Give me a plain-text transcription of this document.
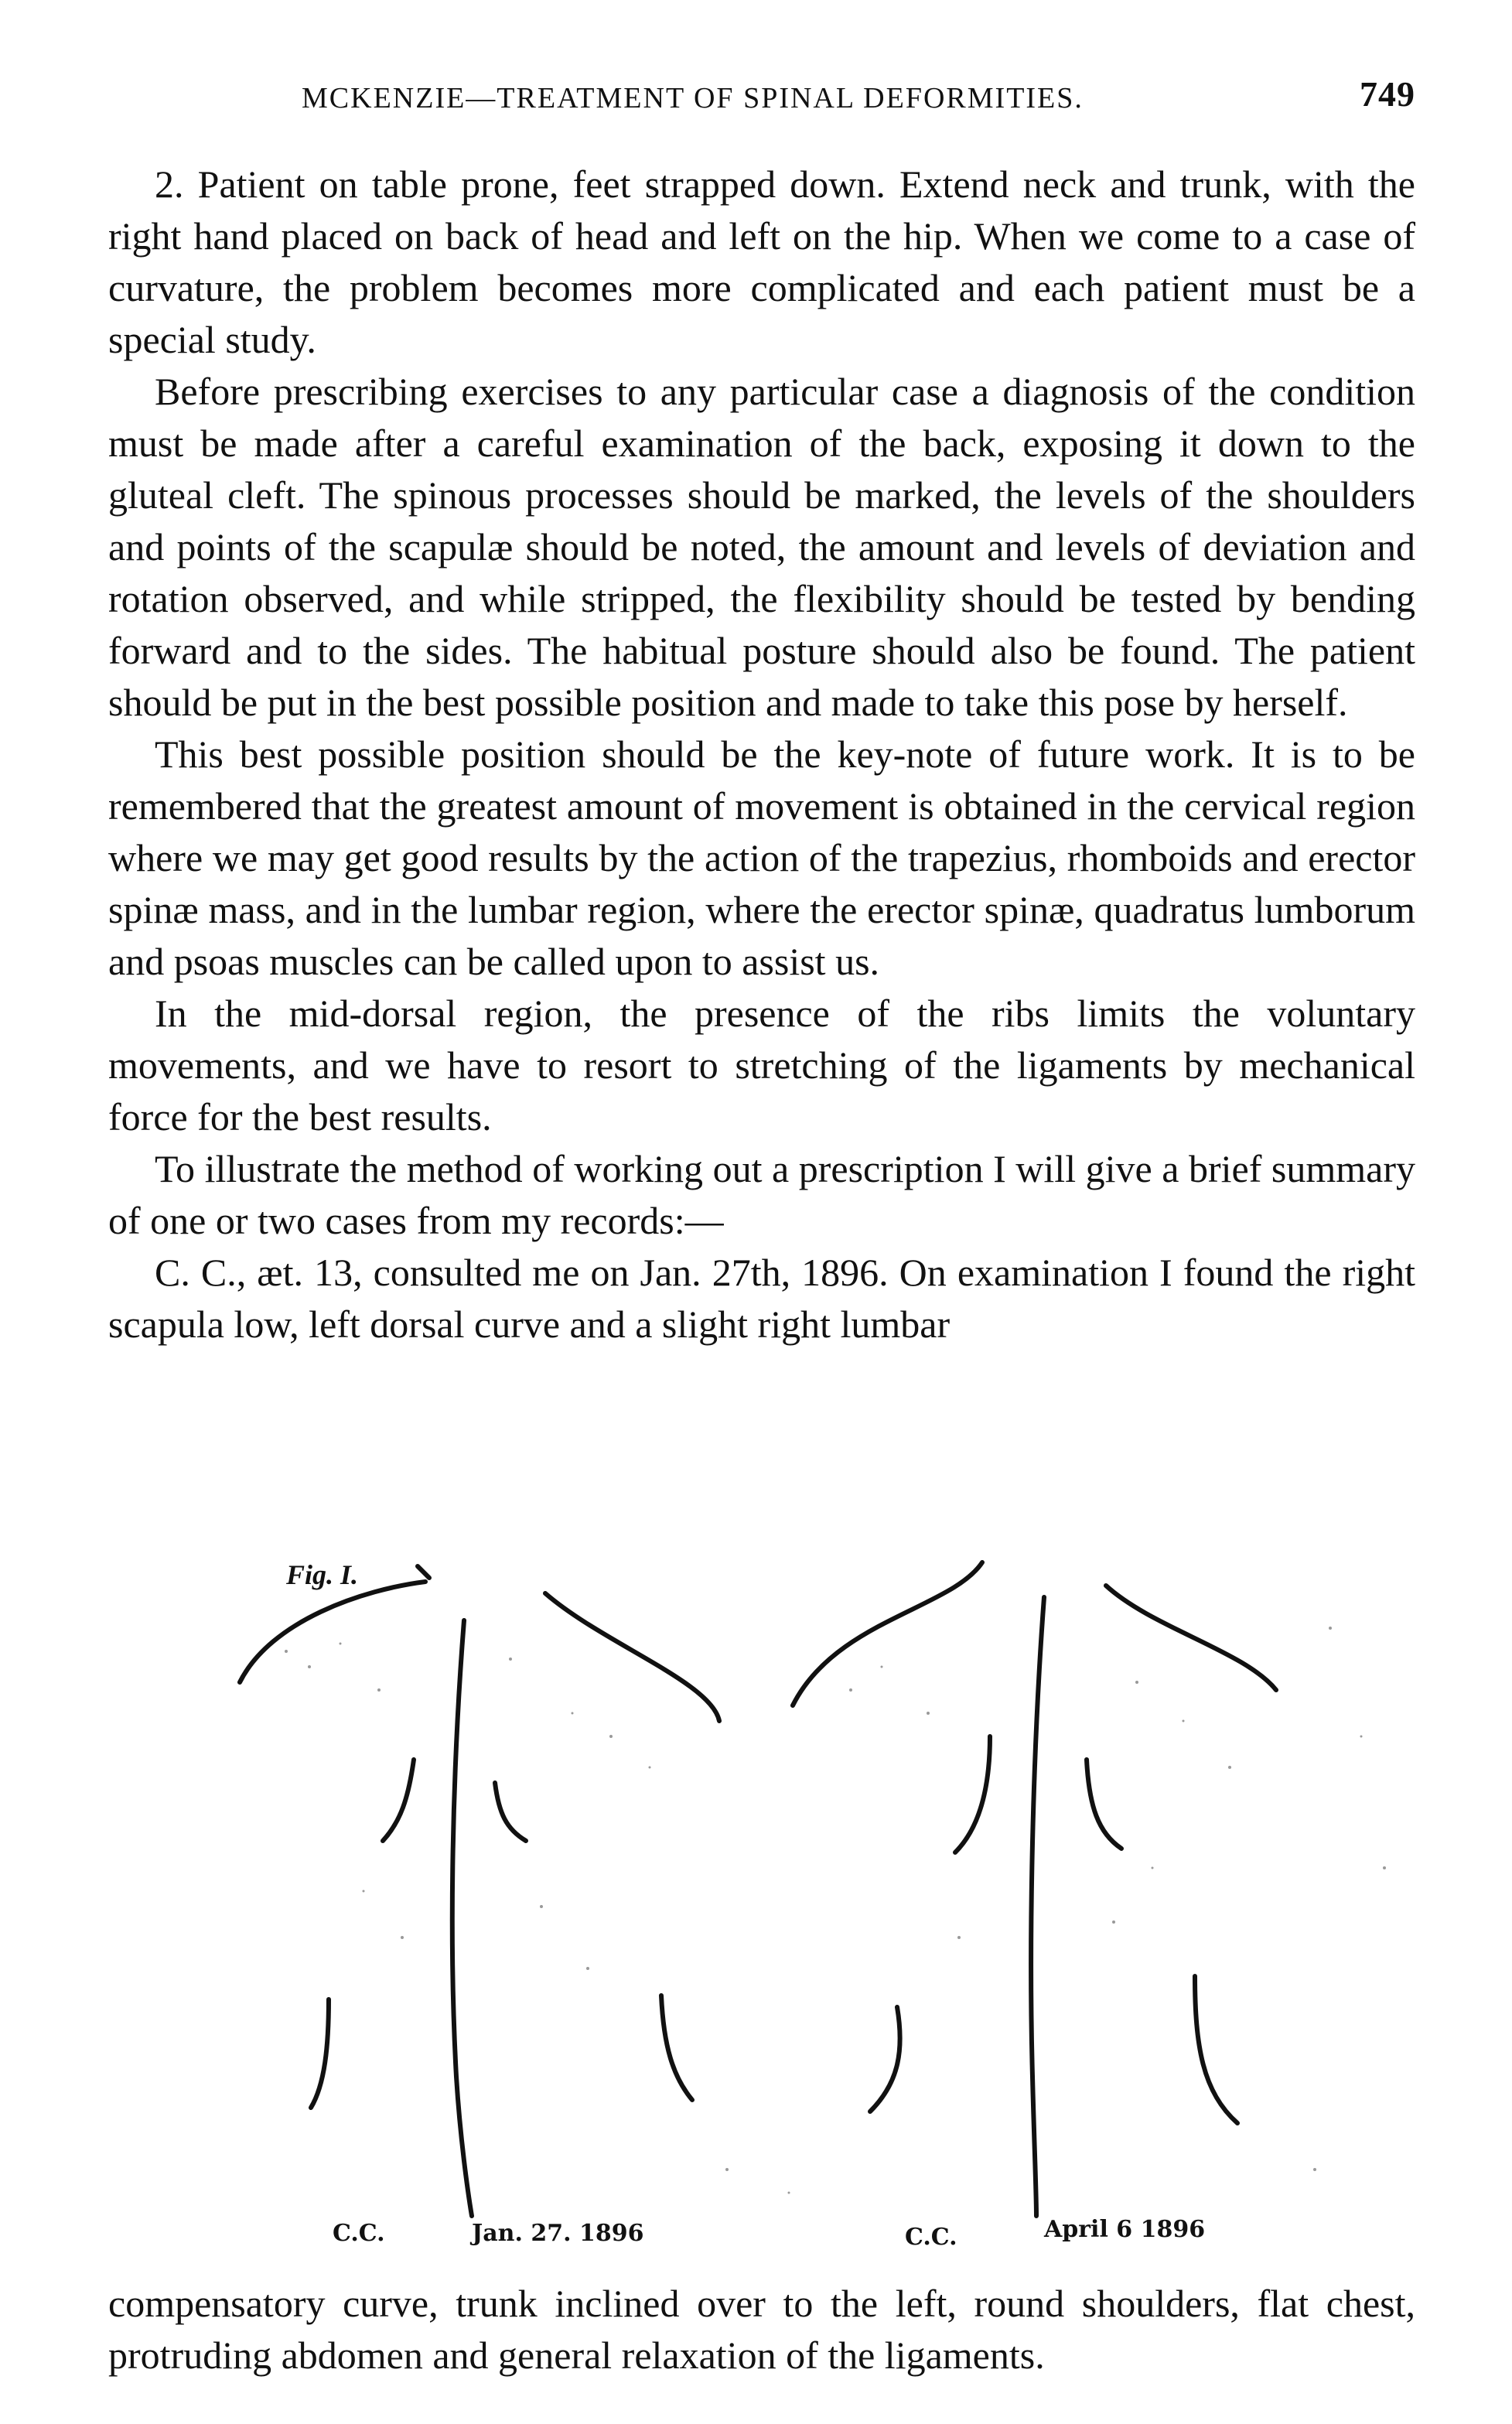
MCKENZIE—TREATMENT OF SPINAL DEFORMITIES.	749

2. Patient on table prone, feet strapped down. Extend neck and trunk, with the right hand placed on back of head and left on the hip. When we come to a case of curvature, the problem becomes more complicated and each patient must be a special study.

Before prescribing exercises to any particular case a diagnosis of the condition must be made after a careful examination of the back, exposing it down to the gluteal cleft. The spinous processes should be marked, the levels of the shoulders and points of the scapulæ should be noted, the amount and levels of deviation and rotation observed, and while stripped, the flexibility should be tested by bending forward and to the sides. The habitual posture should also be found. The patient should be put in the best possible position and made to take this pose by herself.

This best possible position should be the key-note of future work. It is to be remembered that the greatest amount of movement is obtained in the cervical region where we may get good results by the action of the trapezius, rhomboids and erector spinæ mass, and in the lumbar region, where the erector spinæ, quadratus lumborum and psoas muscles can be called upon to assist us.

In the mid-dorsal region, the presence of the ribs limits the voluntary movements, and we have to resort to stretching of the ligaments by mechanical force for the best results.

To illustrate the method of working out a prescription I will give a brief summary of one or two cases from my records:—

C. C., æt. 13, consulted me on Jan. 27th, 1896. On examination I found the right scapula low, left dorsal curve and a slight right lumbar

Fig. I.
C.C.	Jan. 27. 1896	C.C.	April 6 1896

compensatory curve, trunk inclined over to the left, round shoulders, flat chest, protruding abdomen and general relaxation of the ligaments.
